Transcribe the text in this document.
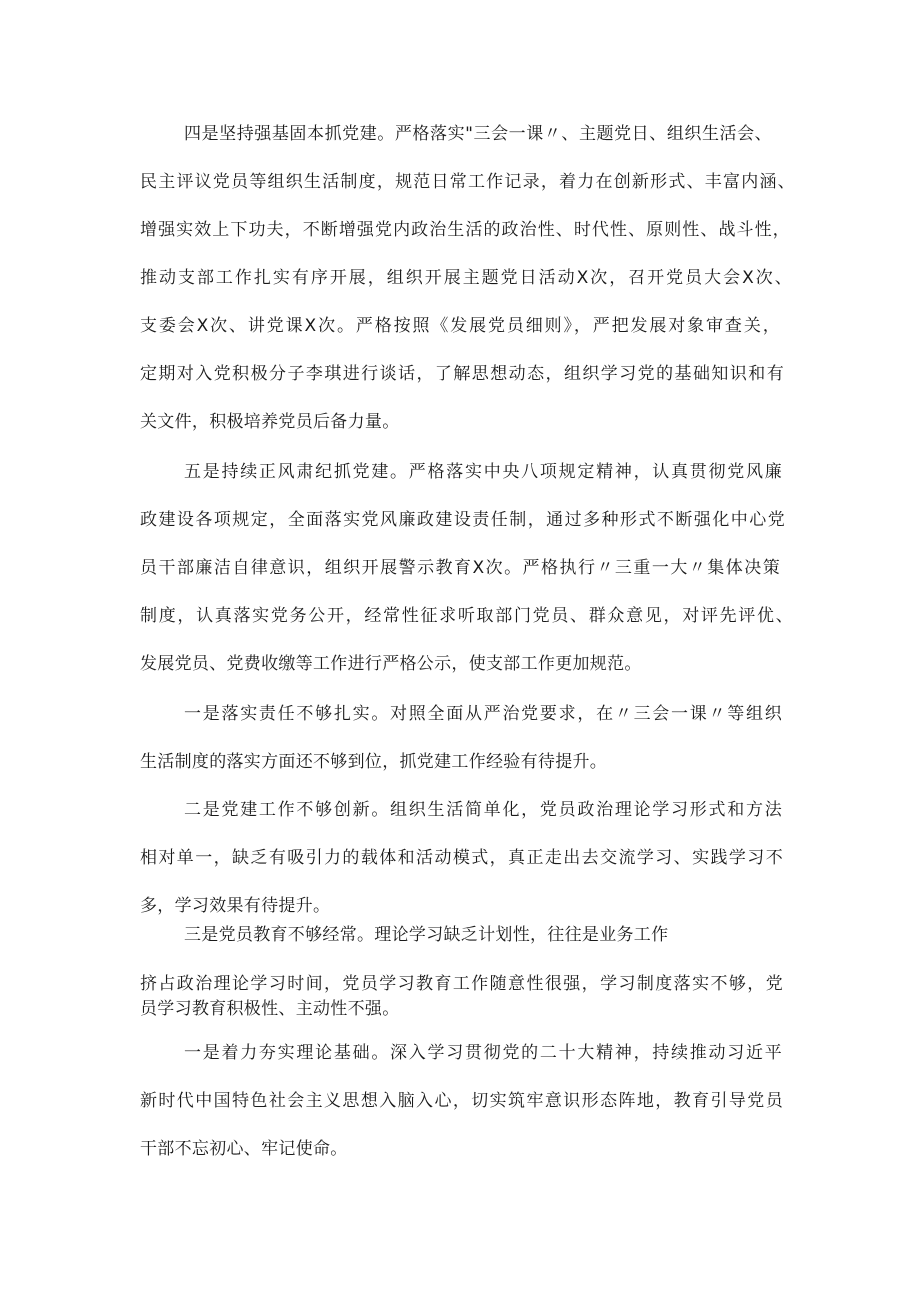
四是坚持强基固本抓党建。严格落实"三会一课〃、主题党日、组织生活会、
民主评议党员等组织生活制度，规范日常工作记录，着力在创新形式、丰富内涵、
增强实效上下功夫，不断增强党内政治生活的政治性、时代性、原则性、战斗性，
推动支部工作扎实有序开展，组织开展主题党日活动X次，召开党员大会X次、
支委会X次、讲党课X次。严格按照《发展党员细则》，严把发展对象审查关，
定期对入党积极分子李琪进行谈话，了解思想动态，组织学习党的基础知识和有
关文件，积极培养党员后备力量。
五是持续正风肃纪抓党建。严格落实中央八项规定精神，认真贯彻党风廉
政建设各项规定，全面落实党风廉政建设责任制，通过多种形式不断强化中心党
员干部廉洁自律意识，组织开展警示教育X次。严格执行〃三重一大〃集体决策
制度，认真落实党务公开，经常性征求听取部门党员、群众意见，对评先评优、
发展党员、党费收缴等工作进行严格公示，使支部工作更加规范。
一是落实责任不够扎实。对照全面从严治党要求，在〃三会一课〃等组织
生活制度的落实方面还不够到位，抓党建工作经验有待提升。
二是党建工作不够创新。组织生活简单化，党员政治理论学习形式和方法
相对单一，缺乏有吸引力的载体和活动模式，真正走出去交流学习、实践学习不
多，学习效果有待提升。
三是党员教育不够经常。理论学习缺乏计划性，往往是业务工作
挤占政治理论学习时间，党员学习教育工作随意性很强，学习制度落实不够，党
员学习教育积极性、主动性不强。
一是着力夯实理论基础。深入学习贯彻党的二十大精神，持续推动习近平
新时代中国特色社会主义思想入脑入心，切实筑牢意识形态阵地，教育引导党员
干部不忘初心、牢记使命。
